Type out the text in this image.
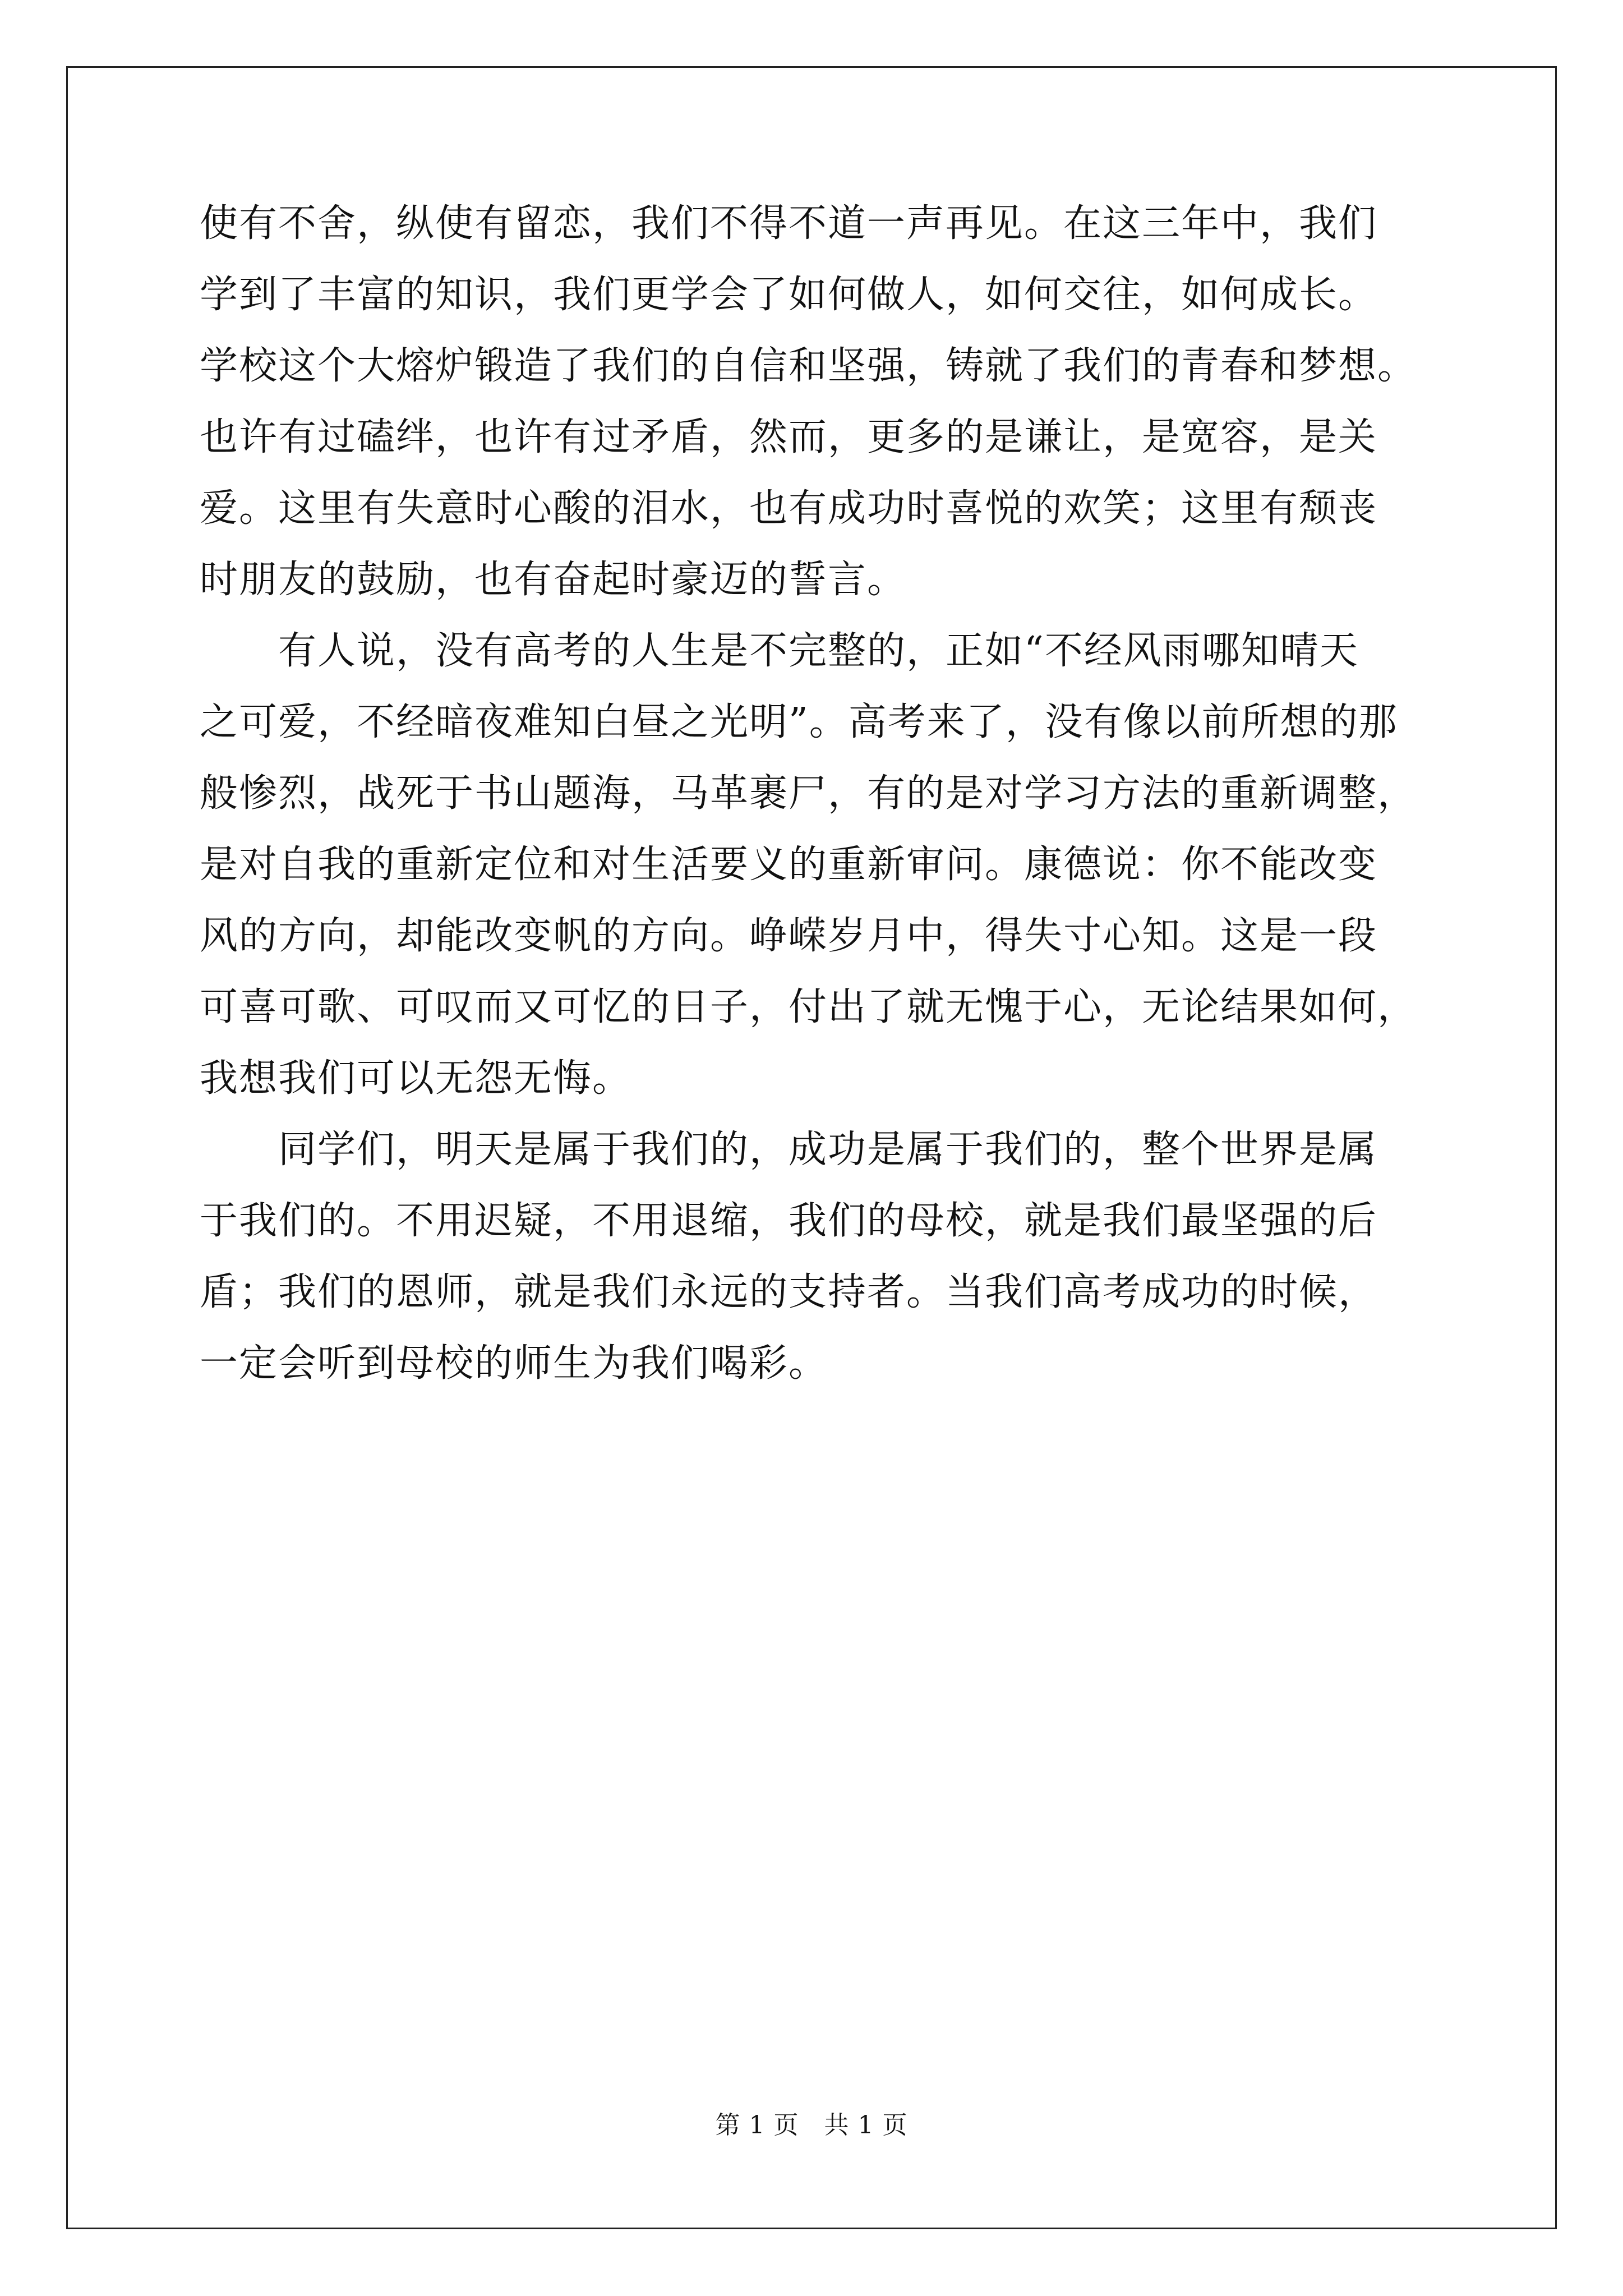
使有不舍，纵使有留恋，我们不得不道一声再见。在这三年中，我们
学到了丰富的知识，我们更学会了如何做人，如何交往，如何成长。
学校这个大熔炉锻造了我们的自信和坚强，铸就了我们的青春和梦想。
也许有过磕绊，也许有过矛盾，然而，更多的是谦让，是宽容，是关
爱。这里有失意时心酸的泪水，也有成功时喜悦的欢笑；这里有颓丧
时朋友的鼓励，也有奋起时豪迈的誓言。
有人说，没有高考的人生是不完整的，正如“不经风雨哪知晴天
之可爱，不经暗夜难知白昼之光明”。高考来了，没有像以前所想的那
般惨烈，战死于书山题海，马革裹尸，有的是对学习方法的重新调整，
是对自我的重新定位和对生活要义的重新审问。康德说：你不能改变
风的方向，却能改变帆的方向。峥嵘岁月中，得失寸心知。这是一段
可喜可歌、可叹而又可忆的日子，付出了就无愧于心，无论结果如何，
我想我们可以无怨无悔。
同学们，明天是属于我们的，成功是属于我们的，整个世界是属
于我们的。不用迟疑，不用退缩，我们的母校，就是我们最坚强的后
盾；我们的恩师，就是我们永远的支持者。当我们高考成功的时候，
一定会听到母校的师生为我们喝彩。
第 1 页　共 1 页
